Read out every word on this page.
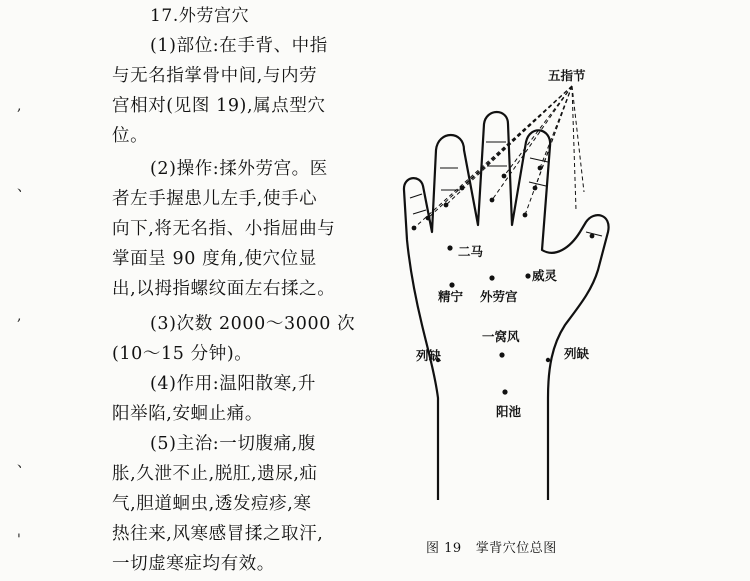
17.外劳宫穴
(1)部位:在手背、中指
与无名指掌骨中间,与内劳
宫相对(见图 19),属点型穴
位。
(2)操作:揉外劳宫。医
者左手握患儿左手,使手心
向下,将无名指、小指屈曲与
掌面呈 90 度角,使穴位显
出,以拇指螺纹面左右揉之。
(3)次数 2000～3000 次
(10～15 分钟)。
(4)作用:温阳散寒,升
阳举陷,安蛔止痛。
(5)主治:一切腹痛,腹
胀,久泄不止,脱肛,遗尿,疝
气,胆道蛔虫,透发痘疹,寒
热往来,风寒感冒揉之取汗,
一切虚寒症均有效。
,
、
,
、
'
五指节
二马
威灵
精宁 外劳宫
一窝风
列缺	列缺
阳池
图 19 掌背穴位总图
